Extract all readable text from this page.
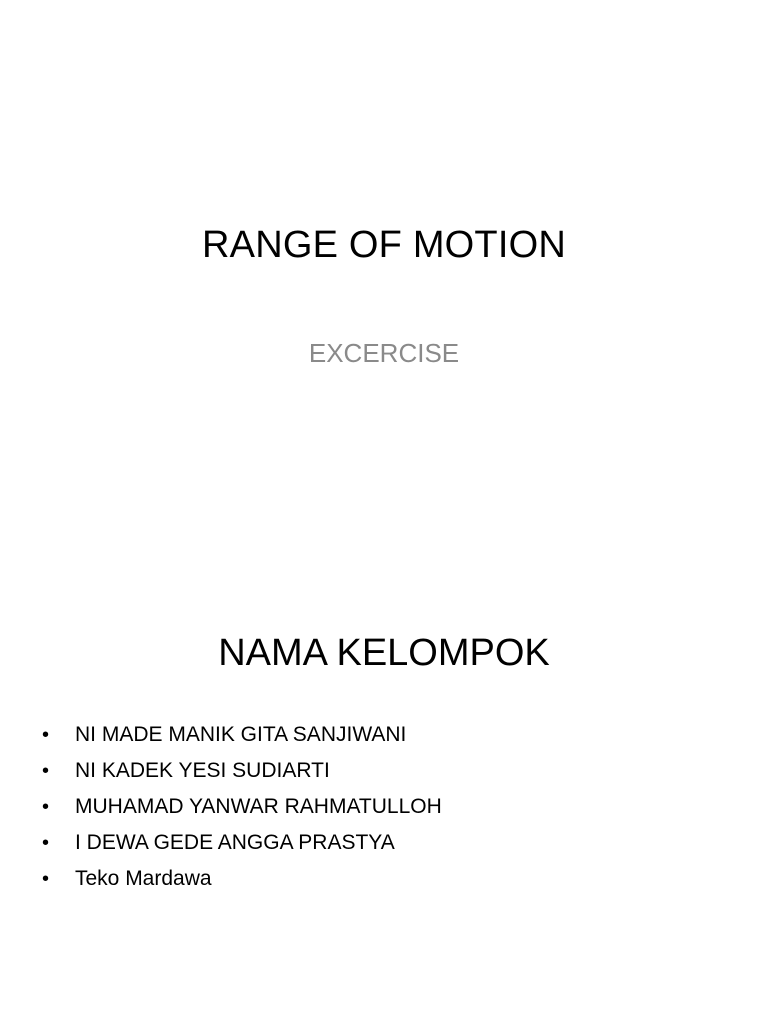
RANGE OF MOTION
EXCERCISE
NAMA KELOMPOK
•	NI MADE MANIK GITA SANJIWANI
•	NI KADEK YESI SUDIARTI
•	MUHAMAD YANWAR RAHMATULLOH
•	I DEWA GEDE ANGGA PRASTYA
•	Teko Mardawa
